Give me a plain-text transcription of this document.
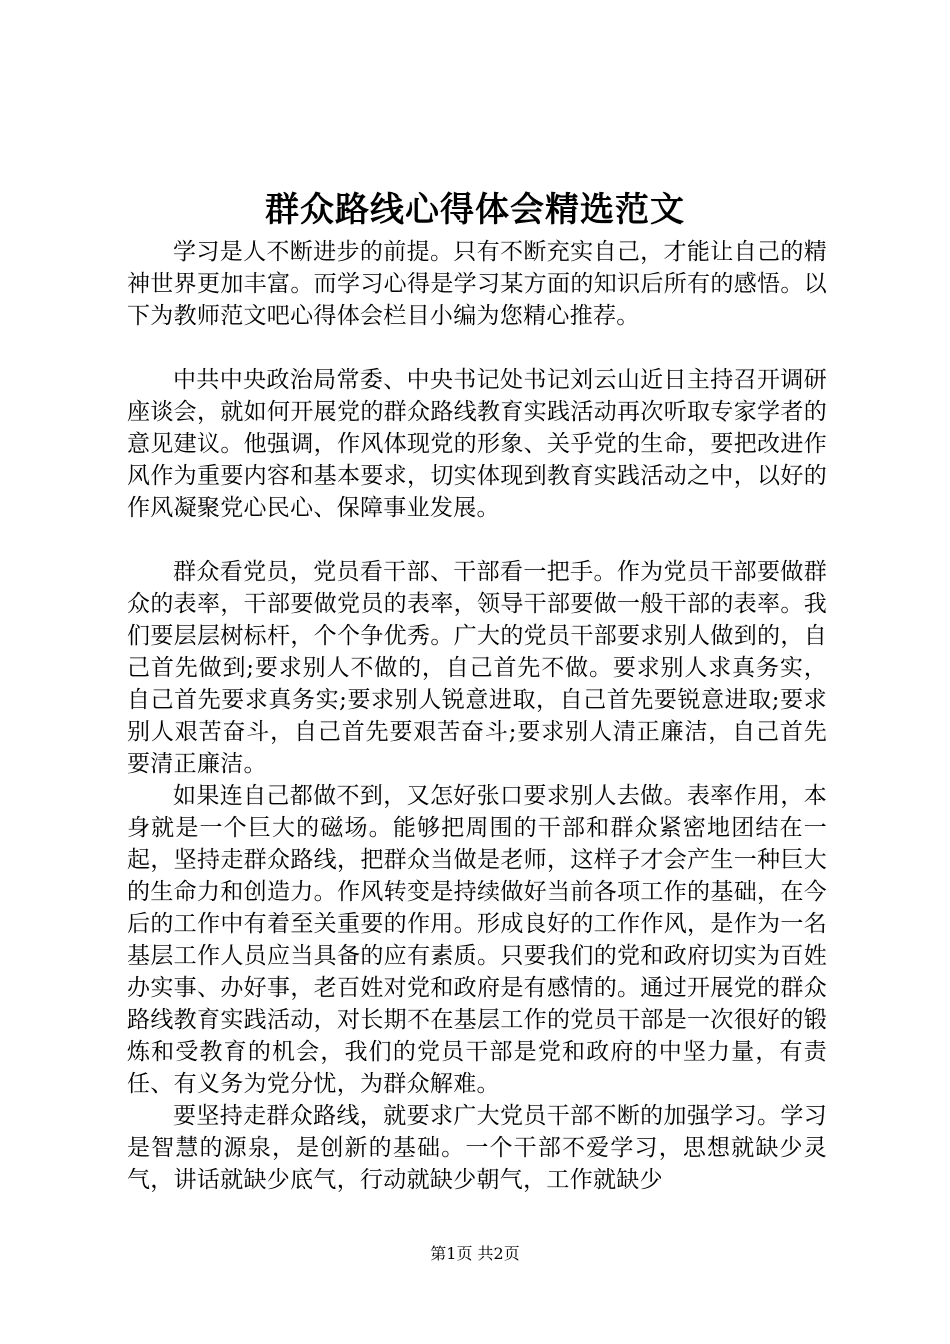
群众路线心得体会精选范文

学习是人不断进步的前提。只有不断充实自己，才能让自己的精神世界更加丰富。而学习心得是学习某方面的知识后所有的感悟。以下为教师范文吧心得体会栏目小编为您精心推荐。

中共中央政治局常委、中央书记处书记刘云山近日主持召开调研座谈会，就如何开展党的群众路线教育实践活动再次听取专家学者的意见建议。他强调，作风体现党的形象、关乎党的生命，要把改进作风作为重要内容和基本要求，切实体现到教育实践活动之中，以好的作风凝聚党心民心、保障事业发展。

群众看党员，党员看干部、干部看一把手。作为党员干部要做群众的表率，干部要做党员的表率，领导干部要做一般干部的表率。我们要层层树标杆，个个争优秀。广大的党员干部要求别人做到的，自己首先做到;要求别人不做的，自己首先不做。要求别人求真务实，自己首先要求真务实;要求别人锐意进取，自己首先要锐意进取;要求别人艰苦奋斗，自己首先要艰苦奋斗;要求别人清正廉洁，自己首先要清正廉洁。

如果连自己都做不到，又怎好张口要求别人去做。表率作用，本身就是一个巨大的磁场。能够把周围的干部和群众紧密地团结在一起，坚持走群众路线，把群众当做是老师，这样子才会产生一种巨大的生命力和创造力。作风转变是持续做好当前各项工作的基础，在今后的工作中有着至关重要的作用。形成良好的工作作风，是作为一名基层工作人员应当具备的应有素质。只要我们的党和政府切实为百姓办实事、办好事，老百姓对党和政府是有感情的。通过开展党的群众路线教育实践活动，对长期不在基层工作的党员干部是一次很好的锻炼和受教育的机会，我们的党员干部是党和政府的中坚力量，有责任、有义务为党分忧，为群众解难。

要坚持走群众路线，就要求广大党员干部不断的加强学习。学习是智慧的源泉，是创新的基础。一个干部不爱学习，思想就缺少灵气，讲话就缺少底气，行动就缺少朝气，工作就缺少

第1页 共2页
